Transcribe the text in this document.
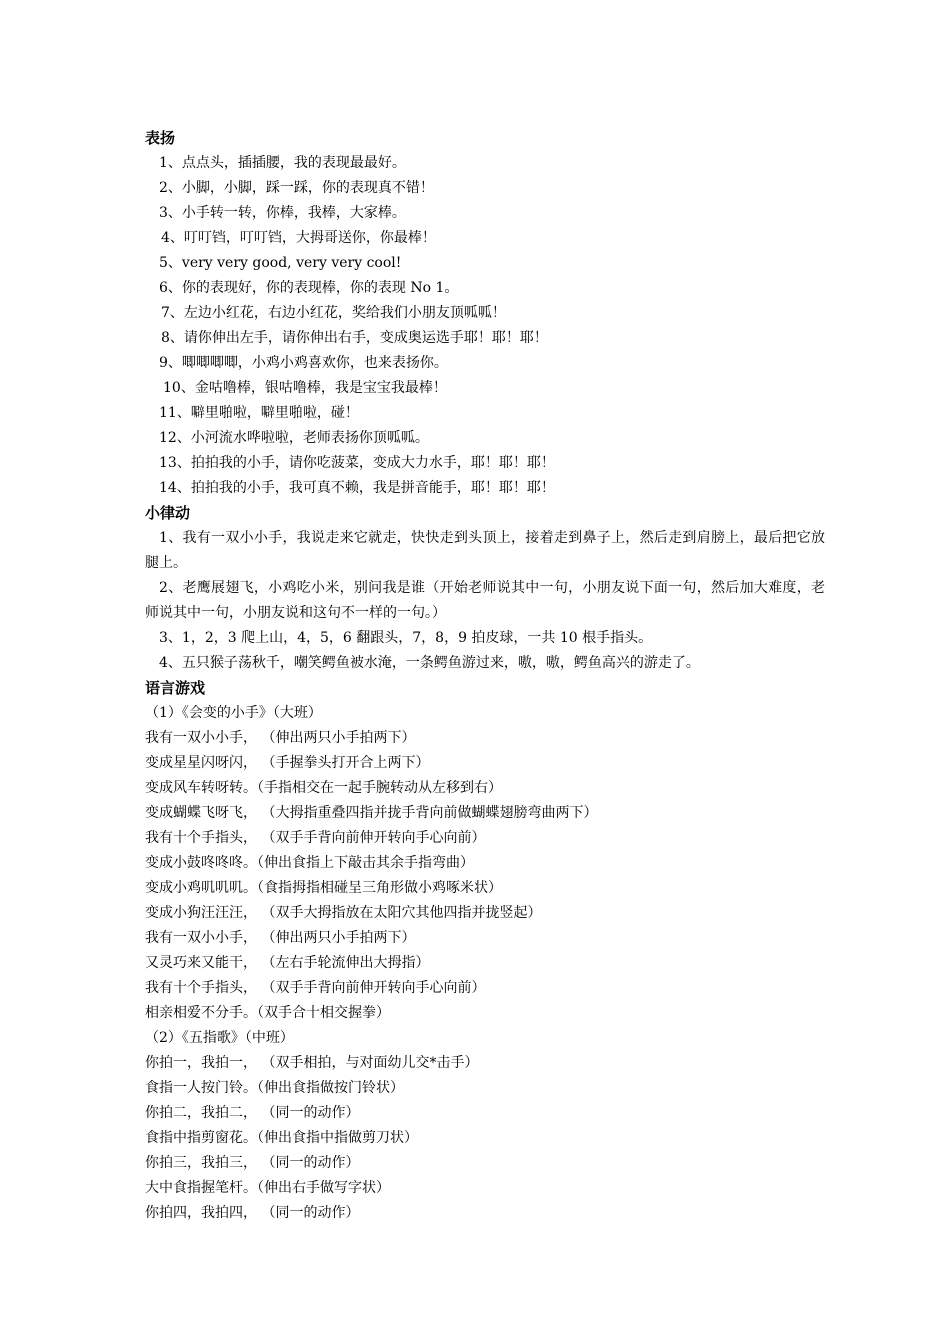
表扬
1、点点头，插插腰，我的表现最最好。
2、小脚，小脚，踩一踩，你的表现真不错！
3、小手转一转，你棒，我棒，大家棒。
4、叮叮铛，叮叮铛，大拇哥送你，你最棒！
5、very very good, very very cool!
6、你的表现好，你的表现棒，你的表现 No 1。
7、左边小红花，右边小红花，奖给我们小朋友顶呱呱！
8、请你伸出左手，请你伸出右手，变成奥运选手耶！耶！耶！
9、唧唧唧唧，小鸡小鸡喜欢你，也来表扬你。
10、金咕噜棒，银咕噜棒，我是宝宝我最棒！
11、噼里啪啦，噼里啪啦，碰！
12、小河流水哗啦啦，老师表扬你顶呱呱。
13、拍拍我的小手，请你吃菠菜，变成大力水手，耶！耶！耶！
14、拍拍我的小手，我可真不赖，我是拼音能手，耶！耶！耶！
小律动
1、我有一双小小手，我说走来它就走，快快走到头顶上，接着走到鼻子上，然后走到肩膀上，最后把它放腿上。
2、老鹰展翅飞，小鸡吃小米，别问我是谁（开始老师说其中一句，小朋友说下面一句，然后加大难度，老师说其中一句，小朋友说和这句不一样的一句。）
3、1，2，3 爬上山，4，5，6 翻跟头，7，8，9 拍皮球，一共 10 根手指头。
4、五只猴子荡秋千，嘲笑鳄鱼被水淹，一条鳄鱼游过来，嗷，嗷，鳄鱼高兴的游走了。
语言游戏
（1）《会变的小手》（大班）
我有一双小小手， （伸出两只小手拍两下）
变成星星闪呀闪， （手握拳头打开合上两下）
变成风车转呀转。（手指相交在一起手腕转动从左移到右）
变成蝴蝶飞呀飞， （大拇指重叠四指并拢手背向前做蝴蝶翅膀弯曲两下）
我有十个手指头， （双手手背向前伸开转向手心向前）
变成小鼓咚咚咚。（伸出食指上下敲击其余手指弯曲）
变成小鸡叽叽叽。（食指拇指相碰呈三角形做小鸡啄米状）
变成小狗汪汪汪， （双手大拇指放在太阳穴其他四指并拢竖起）
我有一双小小手， （伸出两只小手拍两下）
又灵巧来又能干， （左右手轮流伸出大拇指）
我有十个手指头， （双手手背向前伸开转向手心向前）
相亲相爱不分手。（双手合十相交握拳）
（2）《五指歌》（中班）
你拍一，我拍一， （双手相拍，与对面幼儿交*击手）
食指一人按门铃。（伸出食指做按门铃状）
你拍二，我拍二， （同一的动作）
食指中指剪窗花。（伸出食指中指做剪刀状）
你拍三，我拍三， （同一的动作）
大中食指握笔杆。（伸出右手做写字状）
你拍四，我拍四， （同一的动作）
